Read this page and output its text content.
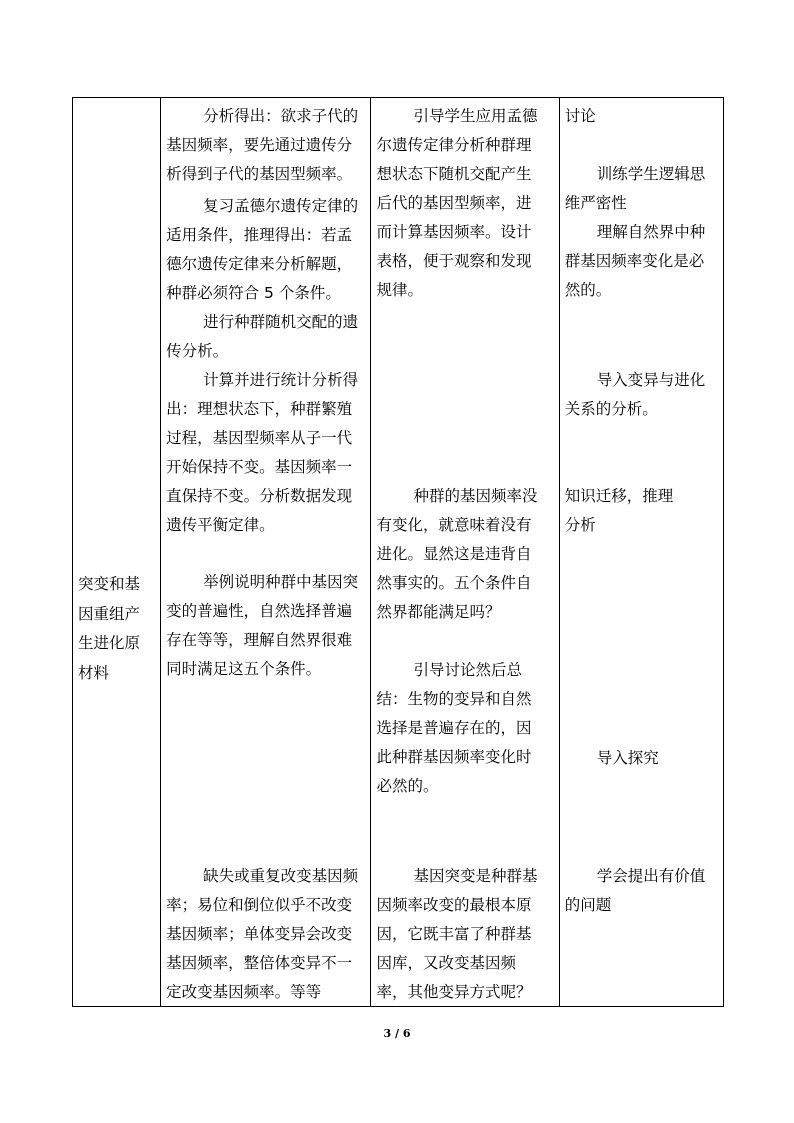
突变和基
因重组产
生进化原
材料

分析得出：欲求子代的
基因频率，要先通过遗传分
析得到子代的基因型频率。
复习孟德尔遗传定律的
适用条件，推理得出：若孟
德尔遗传定律来分析解题，
种群必须符合 5 个条件。
进行种群随机交配的遗
传分析。
计算并进行统计分析得
出：理想状态下，种群繁殖
过程，基因型频率从子一代
开始保持不变。基因频率一
直保持不变。分析数据发现
遗传平衡定律。
举例说明种群中基因突
变的普遍性，自然选择普遍
存在等等，理解自然界很难
同时满足这五个条件。
缺失或重复改变基因频
率；易位和倒位似乎不改变
基因频率；单体变异会改变
基因频率，整倍体变异不一
定改变基因频率。等等

引导学生应用孟德
尔遗传定律分析种群理
想状态下随机交配产生
后代的基因型频率，进
而计算基因频率。设计
表格，便于观察和发现
规律。
种群的基因频率没
有变化，就意味着没有
进化。显然这是违背自
然事实的。五个条件自
然界都能满足吗？
引导讨论然后总
结：生物的变异和自然
选择是普遍存在的，因
此种群基因频率变化时
必然的。
基因突变是种群基
因频率改变的最根本原
因，它既丰富了种群基
因库，又改变基因频
率，其他变异方式呢？

讨论
训练学生逻辑思
维严密性
理解自然界中种
群基因频率变化是必
然的。
导入变异与进化
关系的分析。
知识迁移，推理
分析
导入探究
学会提出有价值
的问题
3 / 6
